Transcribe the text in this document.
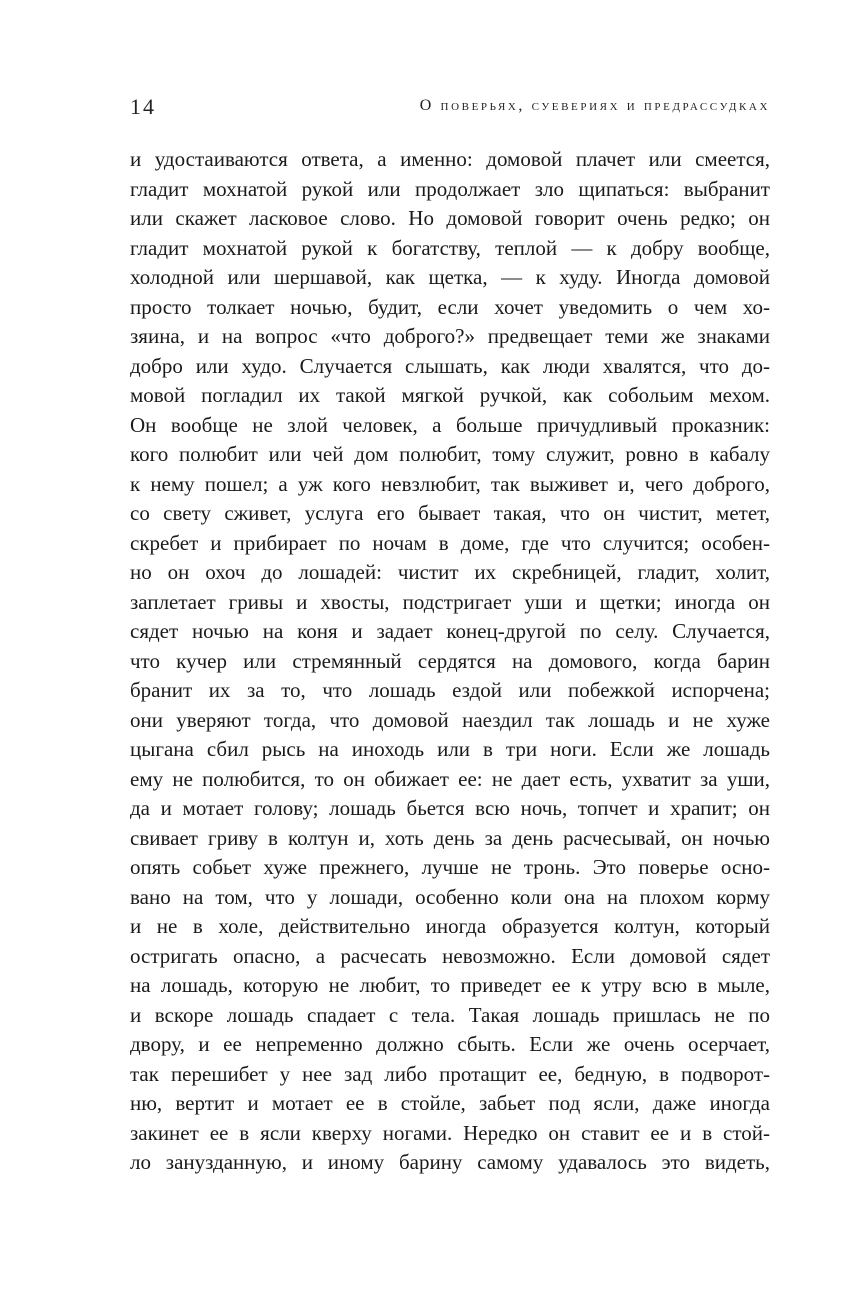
14	О поверьях, суевериях и предрассудках
и удостаиваются ответа, а именно: домовой плачет или смеется,
гладит мохнатой рукой или продолжает зло щипаться: выбранит
или скажет ласковое слово. Но домовой говорит очень редко; он
гладит мохнатой рукой к богатству, теплой — к добру вообще,
холодной или шершавой, как щетка, — к худу. Иногда домовой
просто толкает ночью, будит, если хочет уведомить о чем хо-
зяина, и на вопрос «что доброго?» предвещает теми же знаками
добро или худо. Случается слышать, как люди хвалятся, что до-
мовой погладил их такой мягкой ручкой, как собольим мехом.
Он вообще не злой человек, а больше причудливый проказник:
кого полюбит или чей дом полюбит, тому служит, ровно в кабалу
к нему пошел; а уж кого невзлюбит, так выживет и, чего доброго,
со свету сживет, услуга его бывает такая, что он чистит, метет,
скребет и прибирает по ночам в доме, где что случится; особен-
но он охоч до лошадей: чистит их скребницей, гладит, холит,
заплетает гривы и хвосты, подстригает уши и щетки; иногда он
сядет ночью на коня и задает конец-другой по селу. Случается,
что кучер или стремянный сердятся на домового, когда барин
бранит их за то, что лошадь ездой или побежкой испорчена;
они уверяют тогда, что домовой наездил так лошадь и не хуже
цыгана сбил рысь на иноходь или в три ноги. Если же лошадь
ему не полюбится, то он обижает ее: не дает есть, ухватит за уши,
да и мотает голову; лошадь бьется всю ночь, топчет и храпит; он
свивает гриву в колтун и, хоть день за день расчесывай, он ночью
опять собьет хуже прежнего, лучше не тронь. Это поверье осно-
вано на том, что у лошади, особенно коли она на плохом корму
и не в холе, действительно иногда образуется колтун, который
остригать опасно, а расчесать невозможно. Если домовой сядет
на лошадь, которую не любит, то приведет ее к утру всю в мыле,
и вскоре лошадь спадает с тела. Такая лошадь пришлась не по
двору, и ее непременно должно сбыть. Если же очень осерчает,
так перешибет у нее зад либо протащит ее, бедную, в подворот-
ню, вертит и мотает ее в стойле, забьет под ясли, даже иногда
закинет ее в ясли кверху ногами. Нередко он ставит ее и в стой-
ло занузданную, и иному барину самому удавалось это видеть,
